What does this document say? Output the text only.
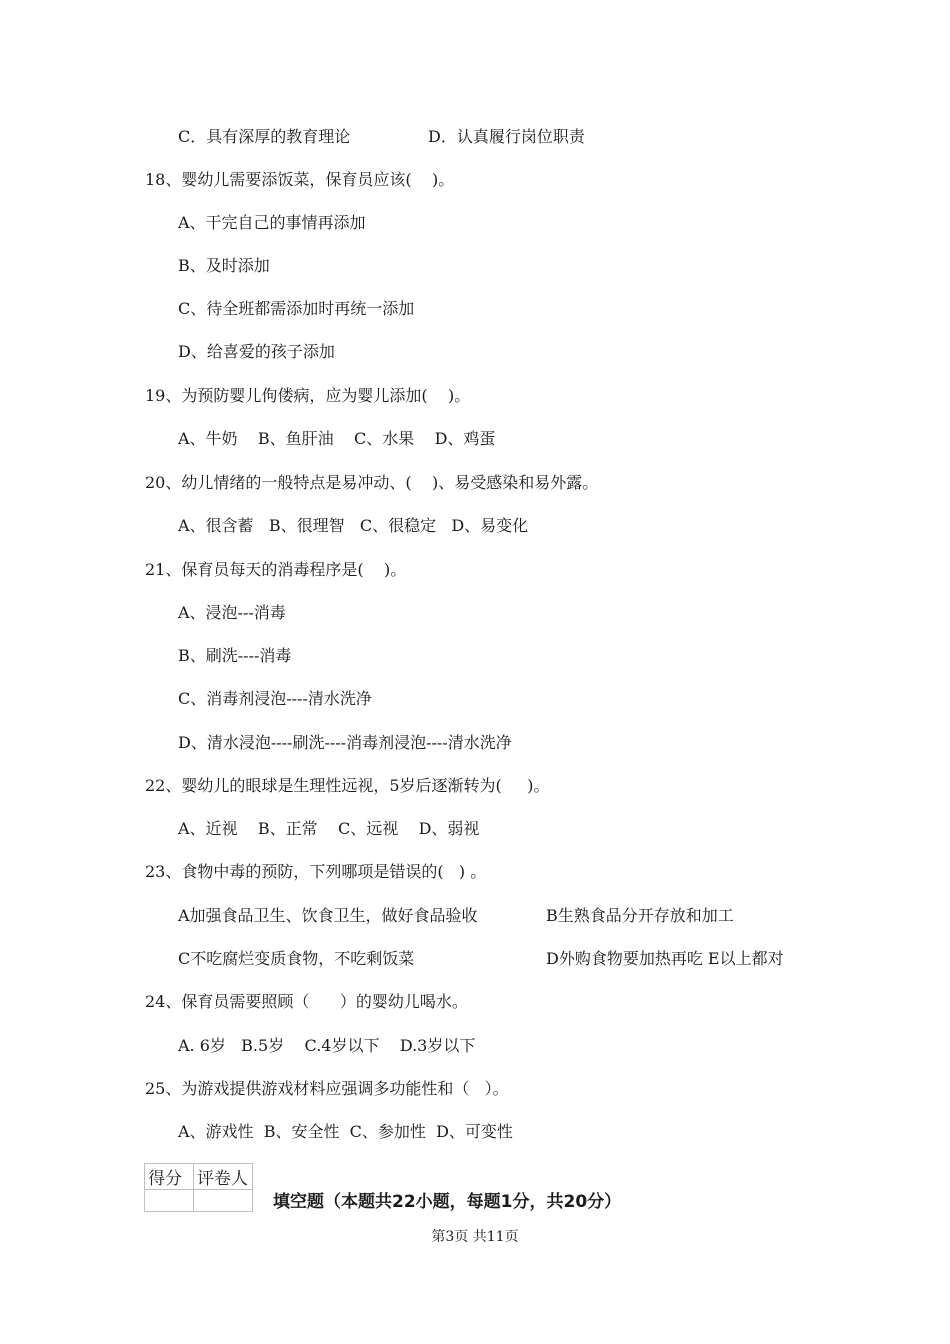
C．具有深厚的教育理论	D．认真履行岗位职责
18、婴幼儿需要添饭菜，保育员应该(    )。
A、干完自己的事情再添加
B、及时添加
C、待全班都需添加时再统一添加
D、给喜爱的孩子添加
19、为预防婴儿佝偻病，应为婴儿添加(    )。
A、牛奶    B、鱼肝油    C、水果    D、鸡蛋
20、幼儿情绪的一般特点是易冲动、(    )、易受感染和易外露。
A、很含蓄   B、很理智   C、很稳定   D、易变化
21、保育员每天的消毒程序是(    )。
A、浸泡---消毒
B、刷洗----消毒
C、消毒剂浸泡----清水洗净
D、清水浸泡----刷洗----消毒剂浸泡----清水洗净
22、婴幼儿的眼球是生理性远视，5岁后逐渐转为(     )。
A、近视    B、正常    C、远视    D、弱视
23、食物中毒的预防，下列哪项是错误的(   ) 。
A加强食品卫生、饮食卫生，做好食品验收	B生熟食品分开存放和加工
C不吃腐烂变质食物，不吃剩饭菜	D外购食物要加热再吃 E以上都对
24、保育员需要照顾（      ）的婴幼儿喝水。
A. 6岁   B.5岁    C.4岁以下    D.3岁以下
25、为游戏提供游戏材料应强调多功能性和（   ）。
A、游戏性  B、安全性  C、参加性  D、可变性
得分	评卷人

填空题（本题共22小题，每题1分，共20分）
第3页 共11页
